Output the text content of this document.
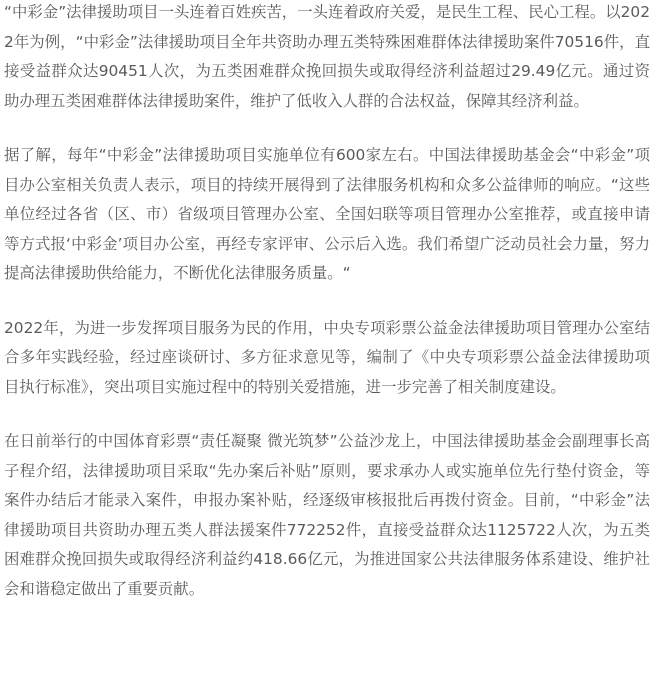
“中彩金”法律援助项目一头连着百姓疾苦，一头连着政府关爱，是民生工程、民心工程。以2022年为例，“中彩金”法律援助项目全年共资助办理五类特殊困难群体法律援助案件70516件，直接受益群众达90451人次，为五类困难群众挽回损失或取得经济利益超过29.49亿元。通过资助办理五类困难群体法律援助案件，维护了低收入人群的合法权益，保障其经济利益。

据了解，每年“中彩金”法律援助项目实施单位有600家左右。中国法律援助基金会“中彩金”项目办公室相关负责人表示，项目的持续开展得到了法律服务机构和众多公益律师的响应。“这些单位经过各省（区、市）省级项目管理办公室、全国妇联等项目管理办公室推荐，或直接申请等方式报‘中彩金’项目办公室，再经专家评审、公示后入选。我们希望广泛动员社会力量，努力提高法律援助供给能力，不断优化法律服务质量。“

2022年，为进一步发挥项目服务为民的作用，中央专项彩票公益金法律援助项目管理办公室结合多年实践经验，经过座谈研讨、多方征求意见等，编制了《中央专项彩票公益金法律援助项目执行标准》，突出项目实施过程中的特别关爱措施，进一步完善了相关制度建设。

在日前举行的中国体育彩票“责任凝聚 微光筑梦”公益沙龙上，中国法律援助基金会副理事长高子程介绍，法律援助项目采取“先办案后补贴”原则，要求承办人或实施单位先行垫付资金，等案件办结后才能录入案件，申报办案补贴，经逐级审核报批后再拨付资金。目前，“中彩金”法律援助项目共资助办理五类人群法援案件772252件，直接受益群众达1125722人次，为五类困难群众挽回损失或取得经济利益约418.66亿元，为推进国家公共法律服务体系建设、维护社会和谐稳定做出了重要贡献。
